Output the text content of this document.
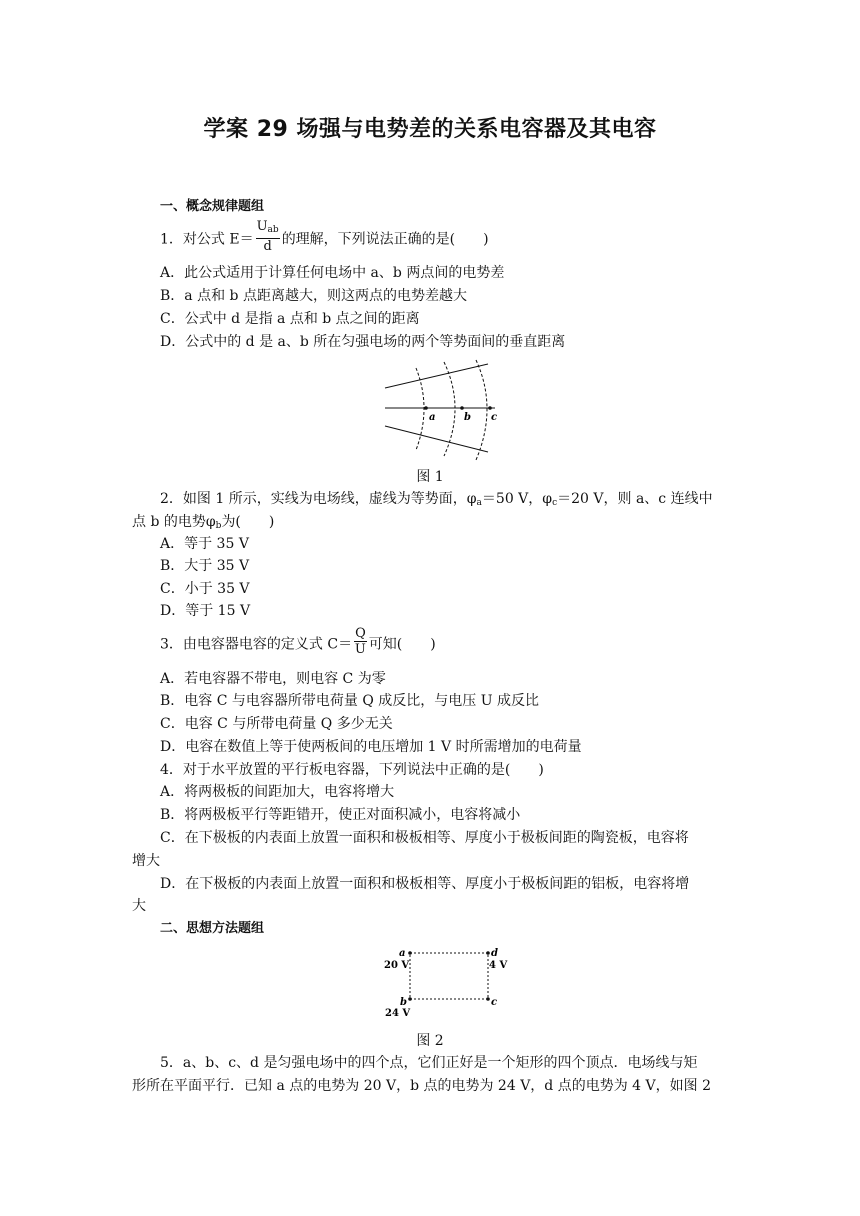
学案 29 场强与电势差的关系电容器及其电容
一、概念规律题组
1．对公式 $E= \frac{U_{ab}}{d}$ 的理解，下列说法正确的是(　　)
A．此公式适用于计算任何电场中 a、b 两点间的电势差
B．a 点和 b 点距离越大，则这两点的电势差越大
C．公式中 d 是指 a 点和 b 点之间的距离
D．公式中的 d 是 a、b 所在匀强电场的两个等势面间的垂直距离
a	b c
图 1
2．如图 1 所示，实线为电场线，虚线为等势面，$\varphi_a=50$ V，$\varphi_c=20$ V，则 a、c 连线中
点 b 的电势$\varphi_b$为(　　)
A．等于 35 V
B．大于 35 V
C．小于 35 V
D．等于 15 V
3．由电容器电容的定义式 $C= \frac{Q}{U}$ 可知(　　)
A．若电容器不带电，则电容 C 为零
B．电容 C 与电容器所带电荷量 Q 成反比，与电压 U 成反比
C．电容 C 与所带电荷量 Q 多少无关
D．电容在数值上等于使两板间的电压增加 1 V 时所需增加的电荷量
4．对于水平放置的平行板电容器，下列说法中正确的是(　　)
A．将两极板的间距加大，电容将增大
B．将两极板平行等距错开，使正对面积减小，电容将减小
C．在下极板的内表面上放置一面积和极板相等、厚度小于极板间距的陶瓷板，电容将
增大
D．在下极板的内表面上放置一面积和极板相等、厚度小于极板间距的铝板，电容将增
大
二、思想方法题组
a
20 V
d
4 V
b
24 V
c
图 2
5．a、b、c、d 是匀强电场中的四个点，它们正好是一个矩形的四个顶点．电场线与矩
形所在平面平行．已知 a 点的电势为 20 V，b 点的电势为 24 V，d 点的电势为 4 V，如图 2
